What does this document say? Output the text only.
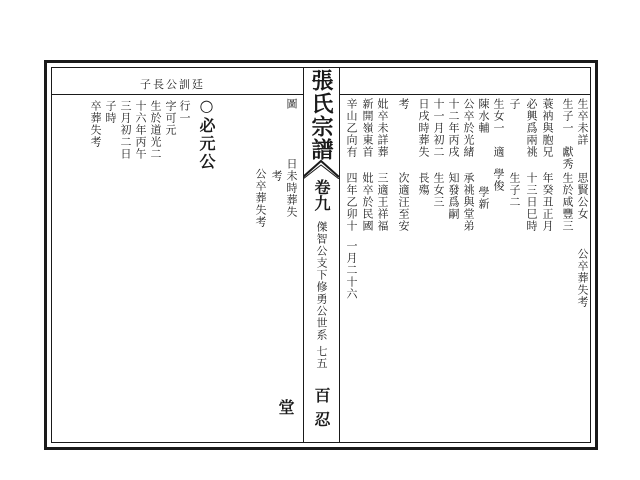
子長公訓廷	張氏宗譜
卷九
傑智公支下修勇公世系 七五
百忍堂
圖
日未時葬失
考
公卒葬失考
○必元公
行一
字可元
生於道光二
十六年丙午
三月初二日
子時
卒葬失考	生卒未詳
生子一　獻秀
蓑衲與胞兄
必興爲兩祧
子
生女一　適
陳水輔
公卒於光緒
十二年丙戌
十一月初二
日戌時葬失
考
妣卒未詳葬
新開嶺東首
辛山乙向有
思賢公女
生於咸豐三
年癸丑正月
十三日巳時
生子二
學俊
學新
承祧與堂弟
知發爲嗣
生女三
長殤
次適汪至安
三適王祥福
妣卒於民國
四年乙卯十
一月二十六	公卒葬失考
